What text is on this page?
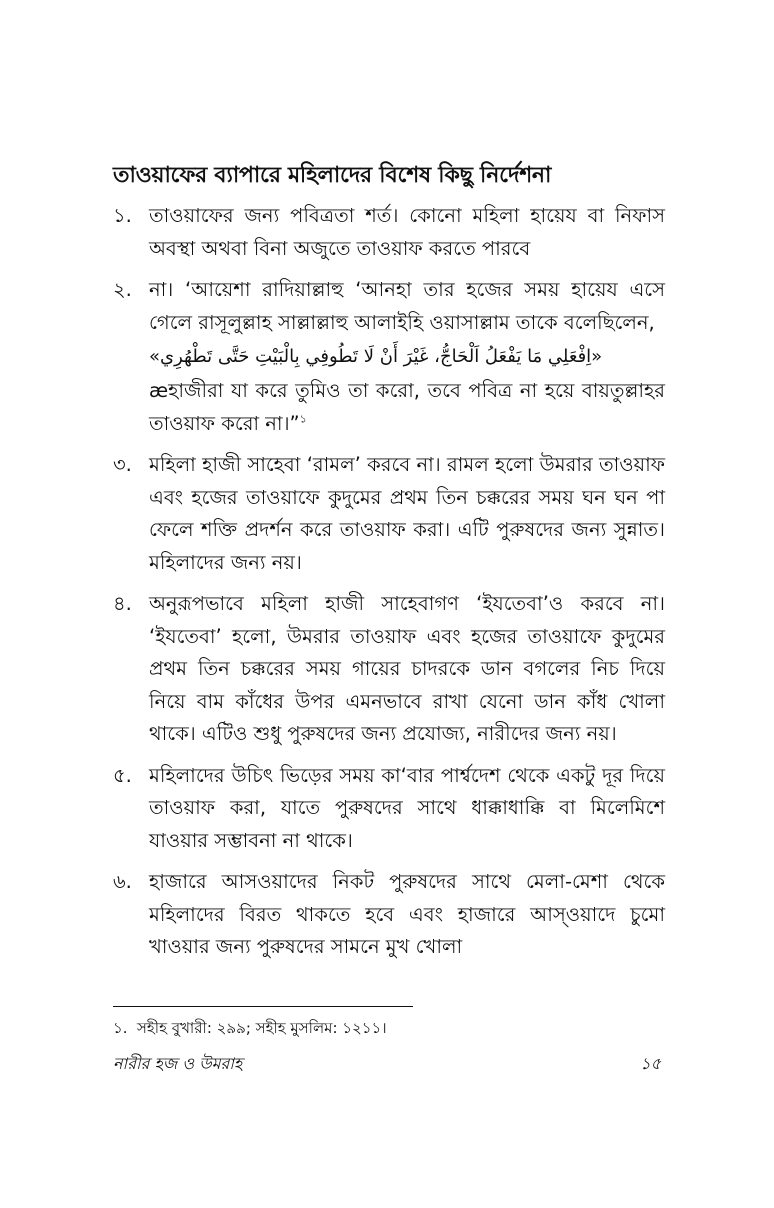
তাওয়াফের ব্যাপারে মহিলাদের বিশেষ কিছু নির্দেশনা
১. তাওয়াফের জন্য পবিত্রতা শর্ত। কোনো মহিলা হায়েয বা নিফাস অবস্থা অথবা বিনা অজুতে তাওয়াফ করতে পারবে

২. না। ‘আয়েশা রাদিয়াল্লাহু ‘আনহা তার হজের সময় হায়েয এসে গেলে রাসূলুল্লাহ সাল্লাল্লাহু আলাইহি ওয়াসাল্লাম তাকে বলেছিলেন,

«اِفْعَلِي مَا يَفْعَلُ اَلْحَاجُّ، غَيْرَ أَنْ لَا تَطُوفِي بِالْبَيْتِ حَتَّى تَطْهُرِي»

æহাজীরা যা করে তুমিও তা করো, তবে পবিত্র না হয়ে বায়তুল্লাহর তাওয়াফ করো না।”$^১$

৩. মহিলা হাজী সাহেবা ‘রামল’ করবে না। রামল হলো উমরার তাওয়াফ এবং হজের তাওয়াফে কুদুমের প্রথম তিন চক্করের সময় ঘন ঘন পা ফেলে শক্তি প্রদর্শন করে তাওয়াফ করা। এটি পুরুষদের জন্য সুন্নাত। মহিলাদের জন্য নয়।

৪. অনুরূপভাবে মহিলা হাজী সাহেবাগণ ‘ইযতেবা’ও করবে না। ‘ইযতেবা’ হলো, উমরার তাওয়াফ এবং হজের তাওয়াফে কুদুমের প্রথম তিন চক্করের সময় গায়ের চাদরকে ডান বগলের নিচ দিয়ে নিয়ে বাম কাঁধের উপর এমনভাবে রাখা যেনো ডান কাঁধ খোলা থাকে। এটিও শুধু পুরুষদের জন্য প্রযোজ্য, নারীদের জন্য নয়।

৫. মহিলাদের উচিৎ ভিড়ের সময় কা‘বার পার্শ্বদেশ থেকে একটু দূর দিয়ে তাওয়াফ করা, যাতে পুরুষদের সাথে ধাক্কাধাক্কি বা মিলেমিশে যাওয়ার সম্ভাবনা না থাকে।

৬. হাজারে আসওয়াদের নিকট পুরুষদের সাথে মেলা-মেশা থেকে মহিলাদের বিরত থাকতে হবে এবং হাজারে আস্ওয়াদে চুমো খাওয়ার জন্য পুরুষদের সামনে মুখ খোলা

১. সহীহ বুখারী: ২৯৯; সহীহ মুসলিম: ১২১১।
নারীর হজ ও উমরাহ	১৫
